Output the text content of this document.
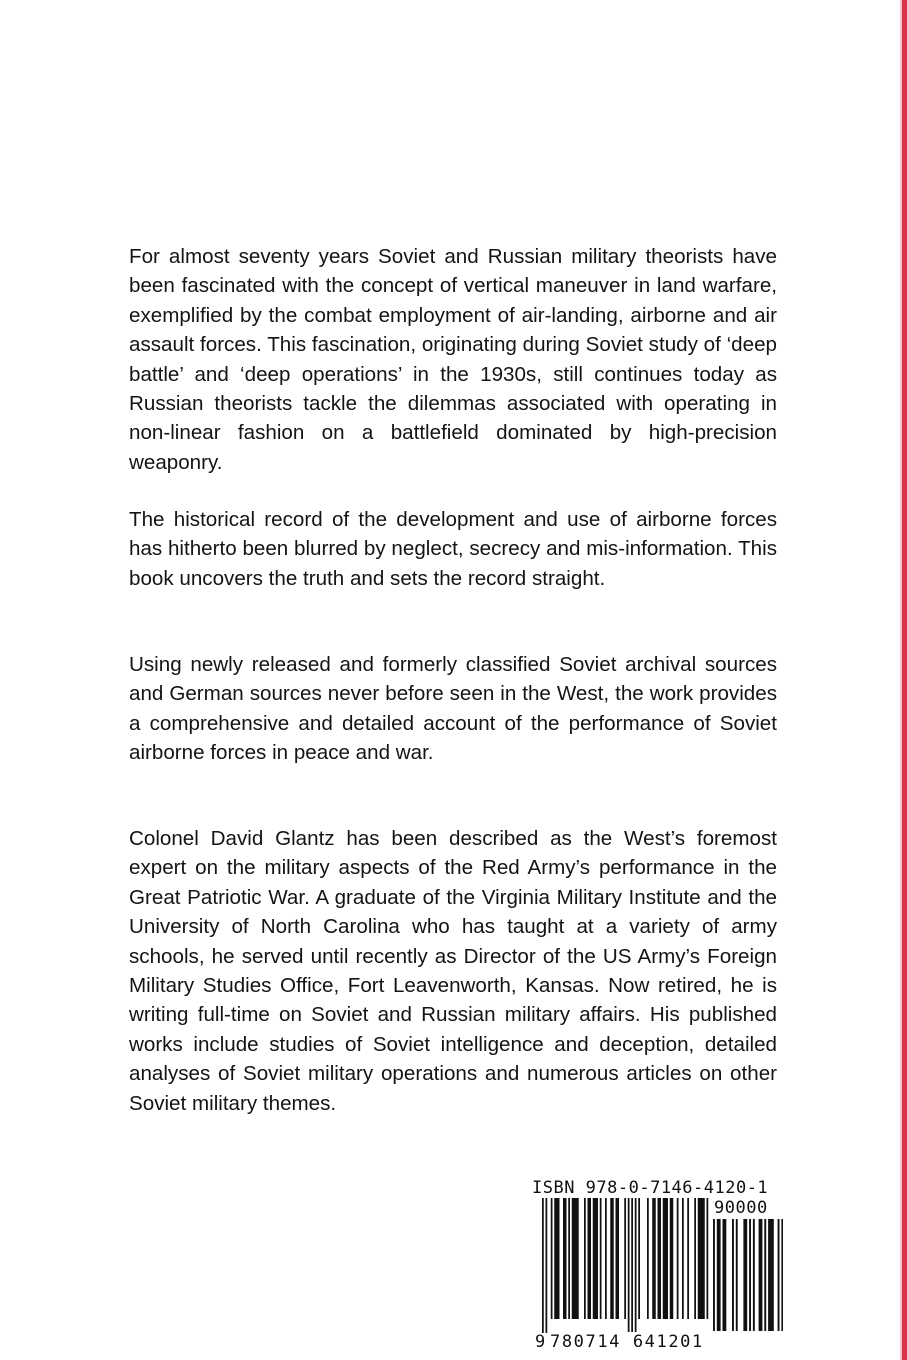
For almost seventy years Soviet and Russian military theorists have been fascinated with the concept of vertical maneuver in land warfare, exemplified by the combat employment of air-landing, airborne and air assault forces. This fascination, originating during Soviet study of ‘deep battle’ and ‘deep operations’ in the 1930s, still continues today as Russian theorists tackle the dilemmas associated with operating in non-linear fashion on a battlefield dominated by high-precision weaponry.

The historical record of the development and use of airborne forces has hitherto been blurred by neglect, secrecy and mis-information. This book uncovers the truth and sets the record straight.

Using newly released and formerly classified Soviet archival sources and German sources never before seen in the West, the work provides a comprehensive and detailed account of the performance of Soviet airborne forces in peace and war.

Colonel David Glantz has been described as the West’s foremost expert on the military aspects of the Red Army’s performance in the Great Patriotic War. A graduate of the Virginia Military Institute and the University of North Carolina who has taught at a variety of army schools, he served until recently as Director of the US Army’s Foreign Military Studies Office, Fort Leavenworth, Kansas. Now retired, he is writing full-time on Soviet and Russian military affairs. His published works include studies of Soviet intelligence and deception, detailed analyses of Soviet military operations and numerous articles on other Soviet military themes.

ISBN 978-0-7146-4120-1
90000
9 780714 641201
